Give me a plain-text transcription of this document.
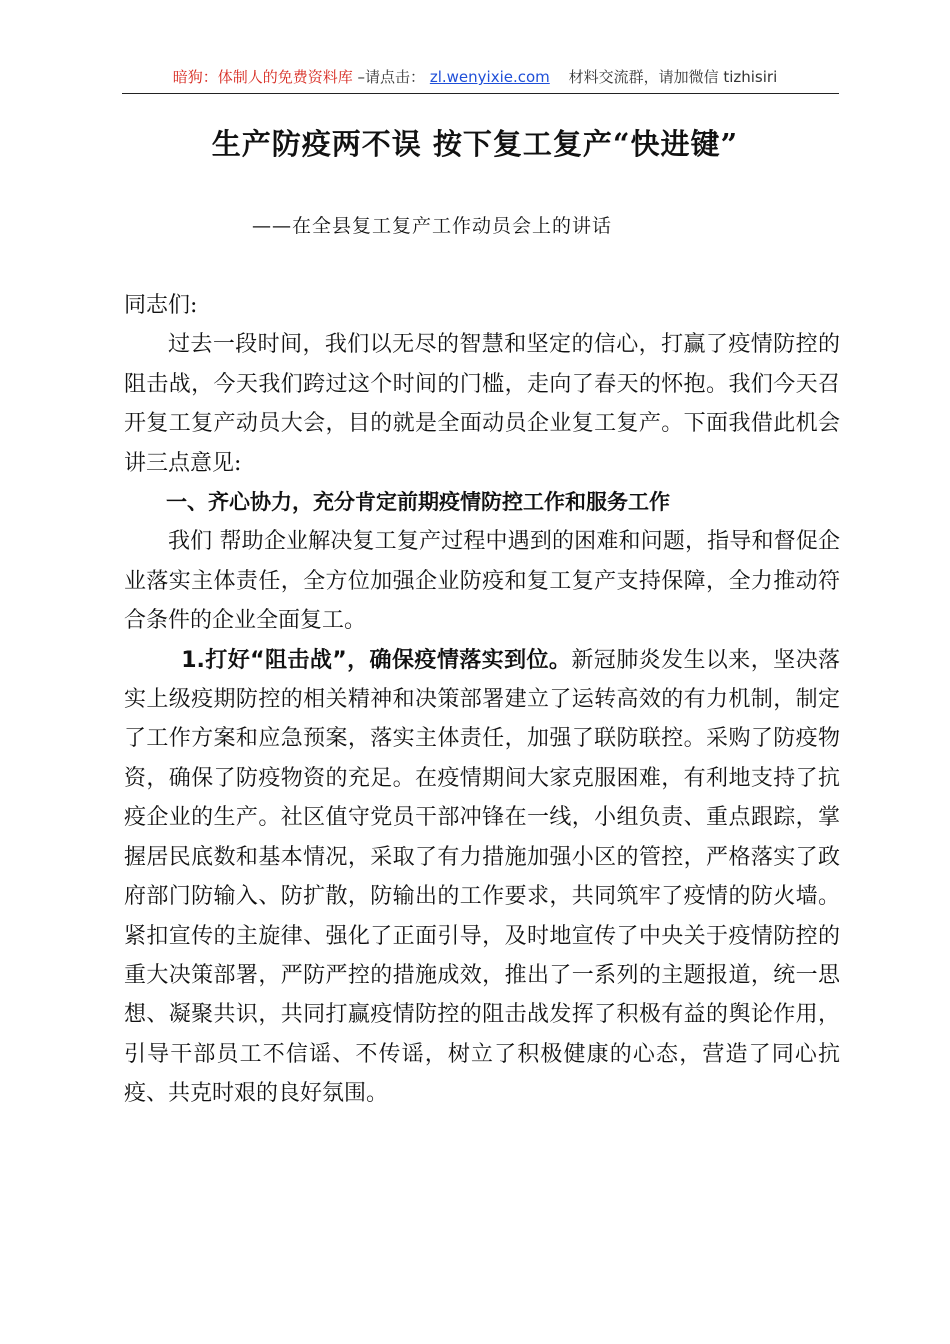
暗狗：体制人的免费资料库 –请点击： zl.wenyixie.com 材料交流群，请加微信 tizhisiri
生产防疫两不误 按下复工复产“快进键”
——在全县复工复产工作动员会上的讲话

同志们:

过去一段时间，我们以无尽的智慧和坚定的信心，打赢了疫情防控的阻击战，今天我们跨过这个时间的门槛，走向了春天的怀抱。我们今天召开复工复产动员大会，目的就是全面动员企业复工复产。下面我借此机会讲三点意见:

一、齐心协力，充分肯定前期疫情防控工作和服务工作

我们 帮助企业解决复工复产过程中遇到的困难和问题，指导和督促企业落实主体责任，全方位加强企业防疫和复工复产支持保障，全力推动符合条件的企业全面复工。

1.打好“阻击战”，确保疫情落实到位。新冠肺炎发生以来，坚决落实上级疫期防控的相关精神和决策部署建立了运转高效的有力机制，制定了工作方案和应急预案，落实主体责任，加强了联防联控。采购了防疫物资，确保了防疫物资的充足。在疫情期间大家克服困难，有利地支持了抗疫企业的生产。社区值守党员干部冲锋在一线，小组负责、重点跟踪，掌握居民底数和基本情况，采取了有力措施加强小区的管控，严格落实了政府部门防输入、防扩散，防输出的工作要求，共同筑牢了疫情的防火墙。 紧扣宣传的主旋律、强化了正面引导，及时地宣传了中央关于疫情防控的重大决策部署，严防严控的措施成效，推出了一系列的主题报道，统一思想、凝聚共识，共同打赢疫情防控的阻击战发挥了积极有益的舆论作用，引导干部员工不信谣、不传谣，树立了积极健康的心态，营造了同心抗疫、共克时艰的良好氛围。
